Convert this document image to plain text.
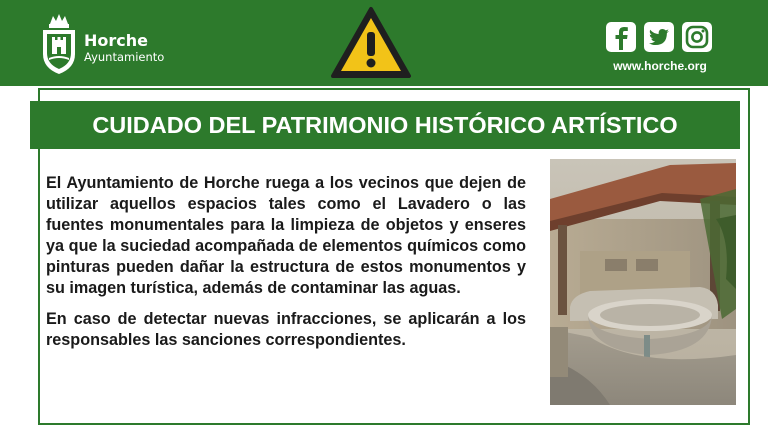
Horche
Ayuntamiento
www.horche.org
CUIDADO DEL PATRIMONIO HISTÓRICO ARTÍSTICO

El Ayuntamiento de Horche ruega a los vecinos que dejen de utilizar aquellos espacios tales como el Lavadero o las fuentes monumentales para la limpieza de objetos y enseres ya que la suciedad acompañada de elementos químicos como pinturas pueden dañar la estructura de estos monumentos y su imagen turística, además de contaminar las aguas.

En caso de detectar nuevas infracciones, se aplicarán a los responsables las sanciones correspondientes.
